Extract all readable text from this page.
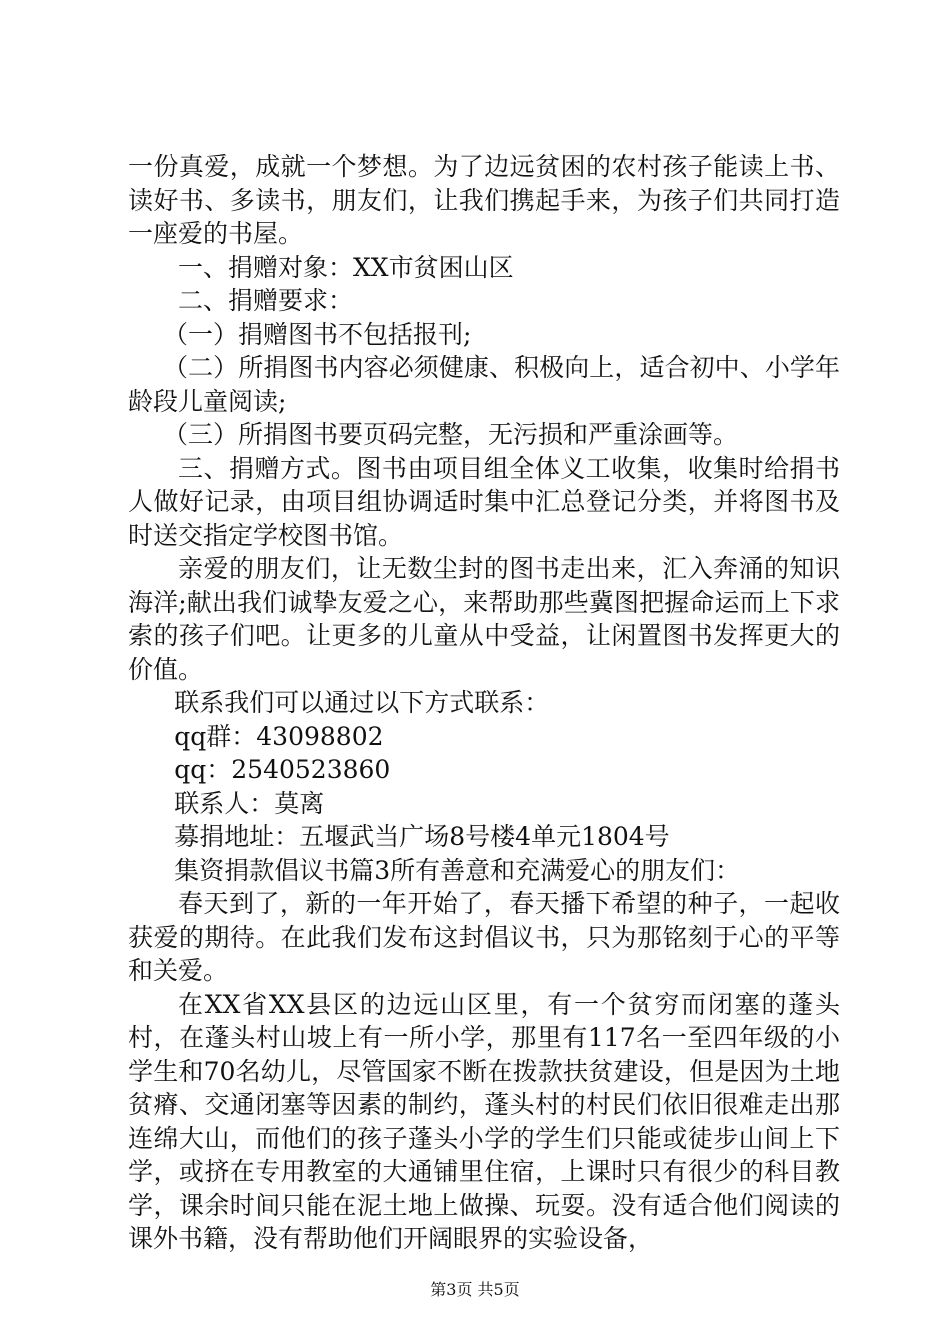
一份真爱，成就一个梦想。为了边远贫困的农村孩子能读上书、读好书、多读书，朋友们，让我们携起手来，为孩子们共同打造一座爱的书屋。

一、捐赠对象：XX市贫困山区

二、捐赠要求：

（一）捐赠图书不包括报刊;

（二）所捐图书内容必须健康、积极向上，适合初中、小学年龄段儿童阅读;

（三）所捐图书要页码完整，无污损和严重涂画等。

三、捐赠方式。图书由项目组全体义工收集，收集时给捐书人做好记录，由项目组协调适时集中汇总登记分类，并将图书及时送交指定学校图书馆。

亲爱的朋友们，让无数尘封的图书走出来，汇入奔涌的知识海洋;献出我们诚挚友爱之心，来帮助那些冀图把握命运而上下求索的孩子们吧。让更多的儿童从中受益，让闲置图书发挥更大的价值。

联系我们可以通过以下方式联系：

qq群：43098802

qq：2540523860

联系人：莫离

募捐地址：五堰武当广场8号楼4单元1804号

集资捐款倡议书篇3所有善意和充满爱心的朋友们：

春天到了，新的一年开始了，春天播下希望的种子，一起收获爱的期待。在此我们发布这封倡议书，只为那铭刻于心的平等和关爱。

在XX省XX县区的边远山区里，有一个贫穷而闭塞的蓬头村，在蓬头村山坡上有一所小学，那里有117名一至四年级的小学生和70名幼儿，尽管国家不断在拨款扶贫建设，但是因为土地贫瘠、交通闭塞等因素的制约，蓬头村的村民们依旧很难走出那连绵大山，而他们的孩子蓬头小学的学生们只能或徒步山间上下学，或挤在专用教室的大通铺里住宿，上课时只有很少的科目教学，课余时间只能在泥土地上做操、玩耍。没有适合他们阅读的课外书籍，没有帮助他们开阔眼界的实验设备，

第3页 共5页
